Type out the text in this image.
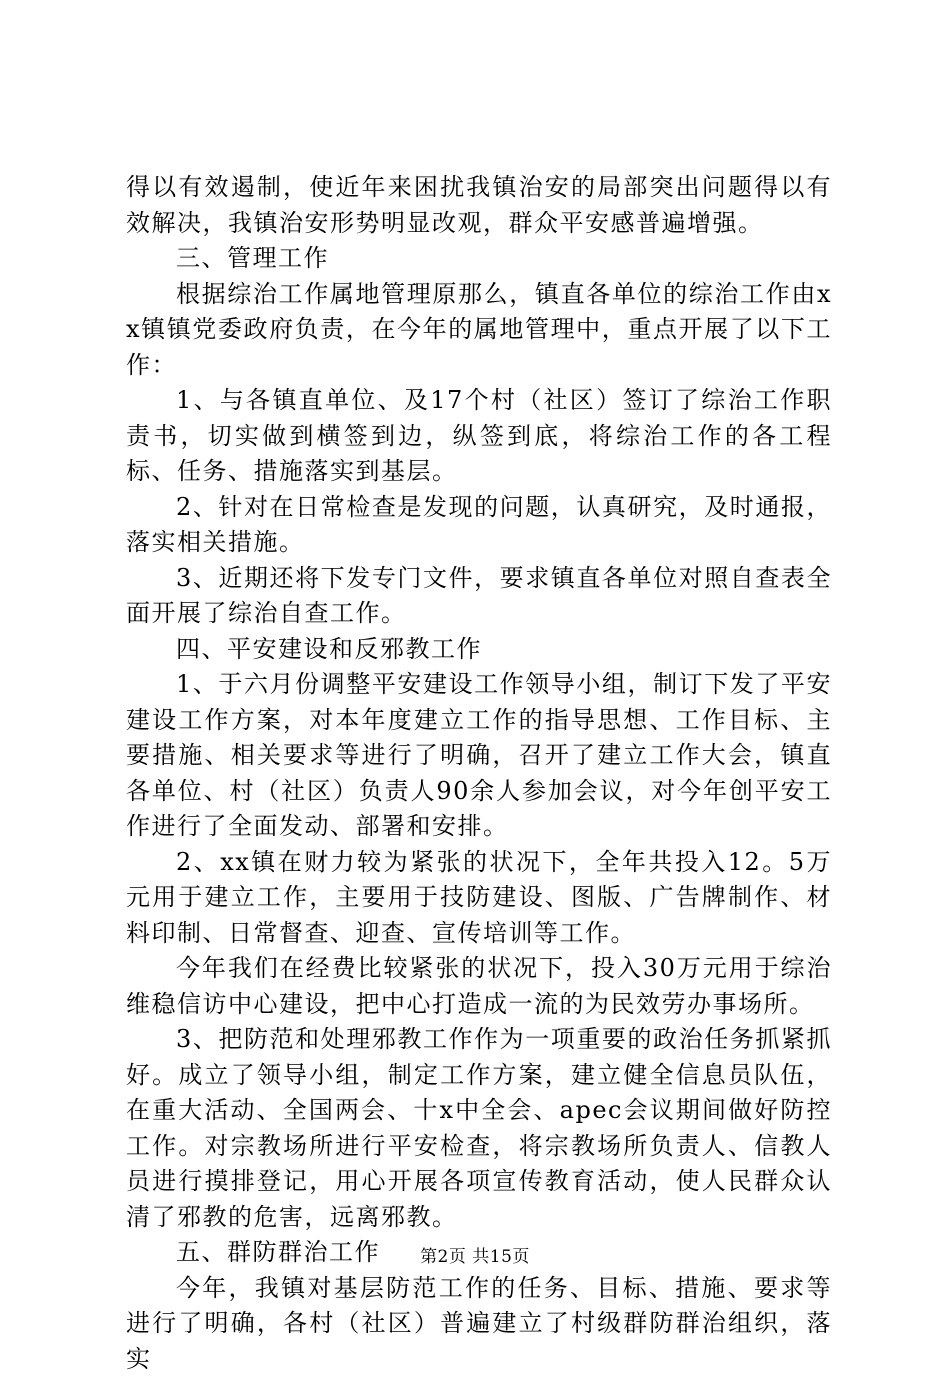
得以有效遏制，使近年来困扰我镇治安的局部突出问题得以有效解决，我镇治安形势明显改观，群众平安感普遍增强。

三、管理工作

根据综治工作属地管理原那么，镇直各单位的综治工作由xx镇镇党委政府负责，在今年的属地管理中，重点开展了以下工作：

1、与各镇直单位、及17个村（社区）签订了综治工作职责书，切实做到横签到边，纵签到底，将综治工作的各工程标、任务、措施落实到基层。

2、针对在日常检查是发现的问题，认真研究，及时通报，落实相关措施。

3、近期还将下发专门文件，要求镇直各单位对照自查表全面开展了综治自查工作。

四、平安建设和反邪教工作

1、于六月份调整平安建设工作领导小组，制订下发了平安建设工作方案，对本年度建立工作的指导思想、工作目标、主要措施、相关要求等进行了明确，召开了建立工作大会，镇直各单位、村（社区）负责人90余人参加会议，对今年创平安工作进行了全面发动、部署和安排。

2、xx镇在财力较为紧张的状况下，全年共投入12。5万元用于建立工作，主要用于技防建设、图版、广告牌制作、材料印制、日常督查、迎查、宣传培训等工作。

今年我们在经费比较紧张的状况下，投入30万元用于综治维稳信访中心建设，把中心打造成一流的为民效劳办事场所。

3、把防范和处理邪教工作作为一项重要的政治任务抓紧抓好。成立了领导小组，制定工作方案，建立健全信息员队伍，在重大活动、全国两会、十x中全会、apec会议期间做好防控工作。对宗教场所进行平安检查，将宗教场所负责人、信教人员进行摸排登记，用心开展各项宣传教育活动，使人民群众认清了邪教的危害，远离邪教。

五、群防群治工作

今年，我镇对基层防范工作的任务、目标、措施、要求等进行了明确，各村（社区）普遍建立了村级群防群治组织，落实

第2页 共15页
